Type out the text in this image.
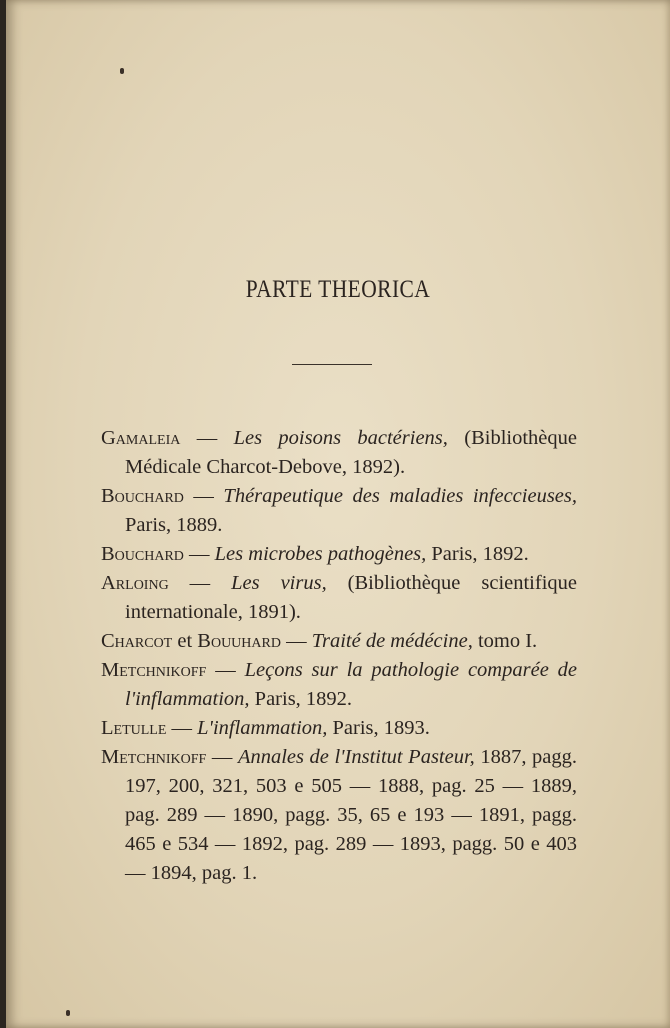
PARTE THEORICA

Gamaleia — Les poisons bactériens, (Bibliothèque Médicale Charcot-Debove, 1892).

Bouchard — Thérapeutique des maladies infeccieuses, Paris, 1889.

Bouchard — Les microbes pathogènes, Paris, 1892.

Arloing — Les virus, (Bibliothèque scientifique internationale, 1891).

Charcot et Bouuhard — Traité de médécine, tomo I.

Metchnikoff — Leçons sur la pathologie comparée de l'inflammation, Paris, 1892.

Letulle — L'inflammation, Paris, 1893.

Metchnikoff — Annales de l'Institut Pasteur, 1887, pagg. 197, 200, 321, 503 e 505 — 1888, pag. 25 — 1889, pag. 289 — 1890, pagg. 35, 65 e 193 — 1891, pagg. 465 e 534 — 1892, pag. 289 — 1893, pagg. 50 e 403 — 1894, pag. 1.
